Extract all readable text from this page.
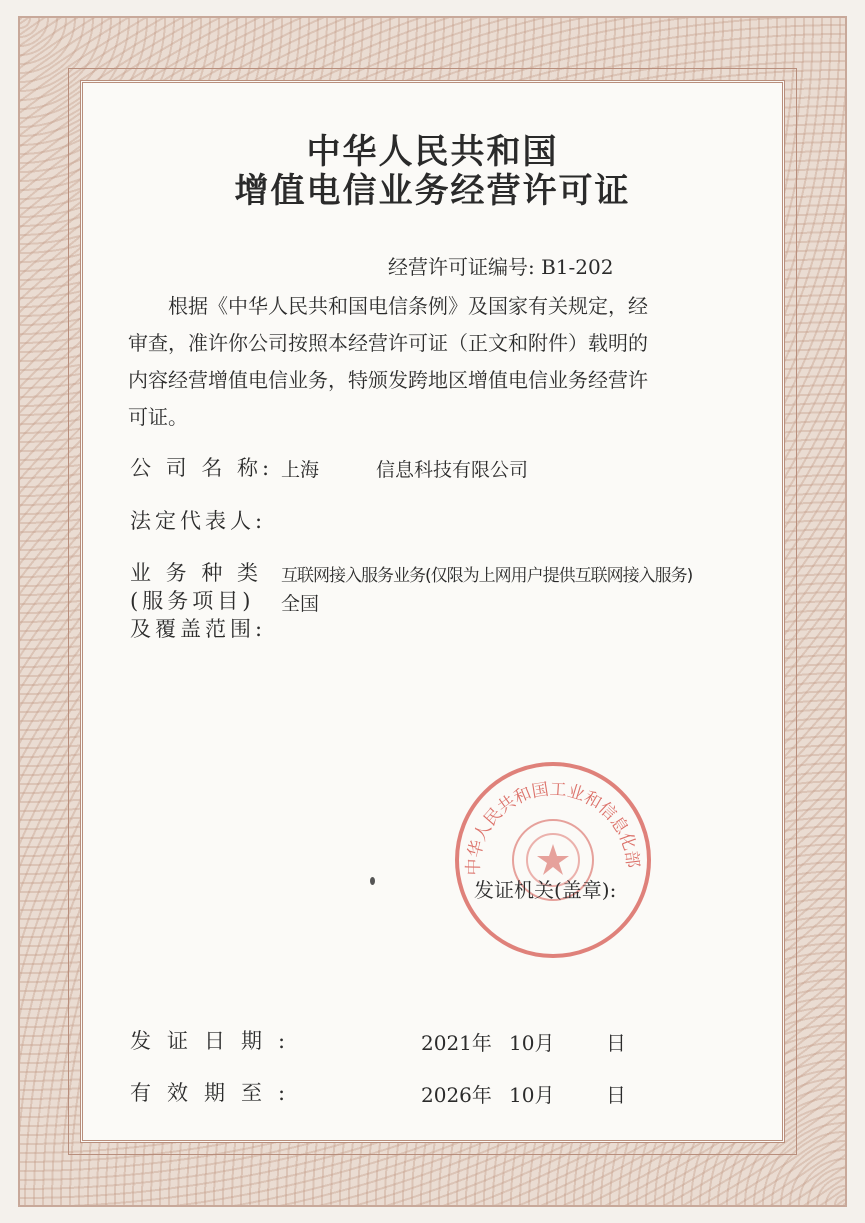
中华人民共和国
增值电信业务经营许可证
经营许可证编号: B1-202
　　根据《中华人民共和国电信条例》及国家有关规定，经
审查，准许你公司按照本经营许可证（正文和附件）载明的
内容经营增值电信业务，特颁发跨地区增值电信业务经营许
可证。
公 司 名 称: 上海　　　信息科技有限公司
法定代表人:
业 务 种 类
(服务项目)
及覆盖范围:
互联网接入服务业务(仅限为上网用户提供互联网接入服务)
全国
中华人民共和国工业和信息化部
发证机关(盖章):
发证日期:	2021年 10月	日
有效期至:	2026年 10月	日
